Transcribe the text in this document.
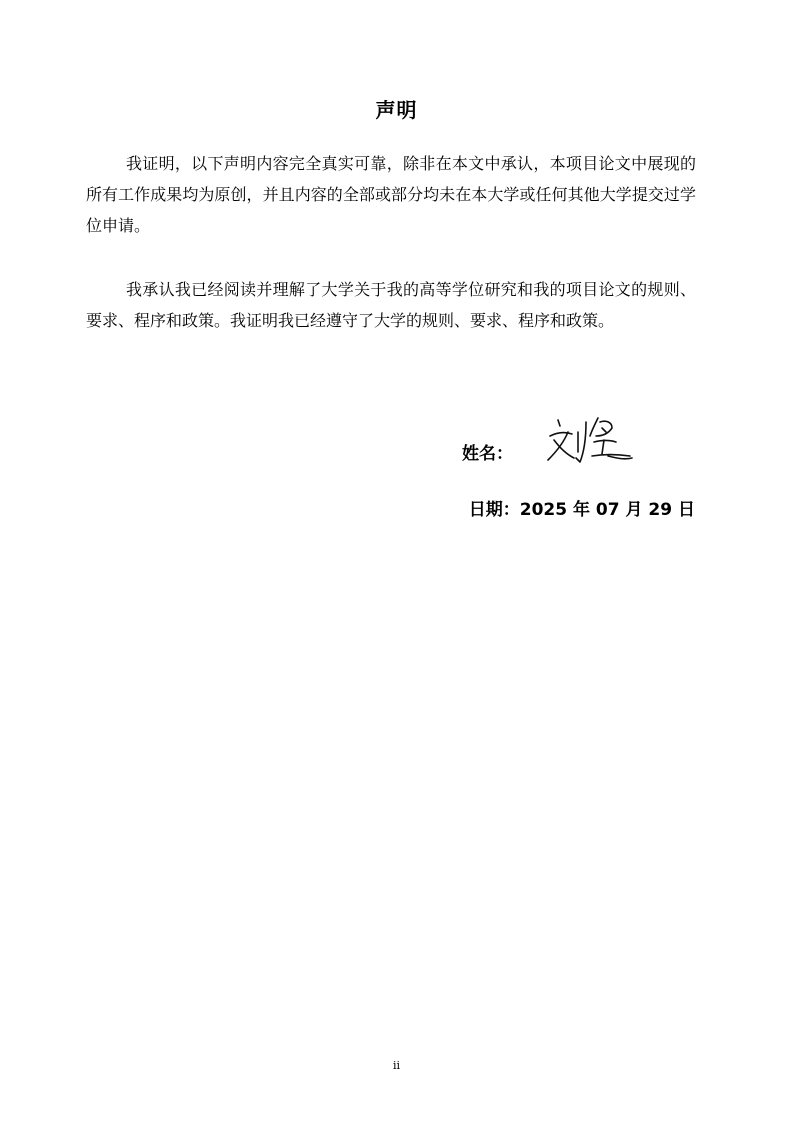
声明

我证明，以下声明内容完全真实可靠，除非在本文中承认，本项目论文中展现的所有工作成果均为原创，并且内容的全部或部分均未在本大学或任何其他大学提交过学位申请。

我承认我已经阅读并理解了大学关于我的高等学位研究和我的项目论文的规则、要求、程序和政策。我证明我已经遵守了大学的规则、要求、程序和政策。

姓名：
日期：2025 年 07 月 29 日
ii
